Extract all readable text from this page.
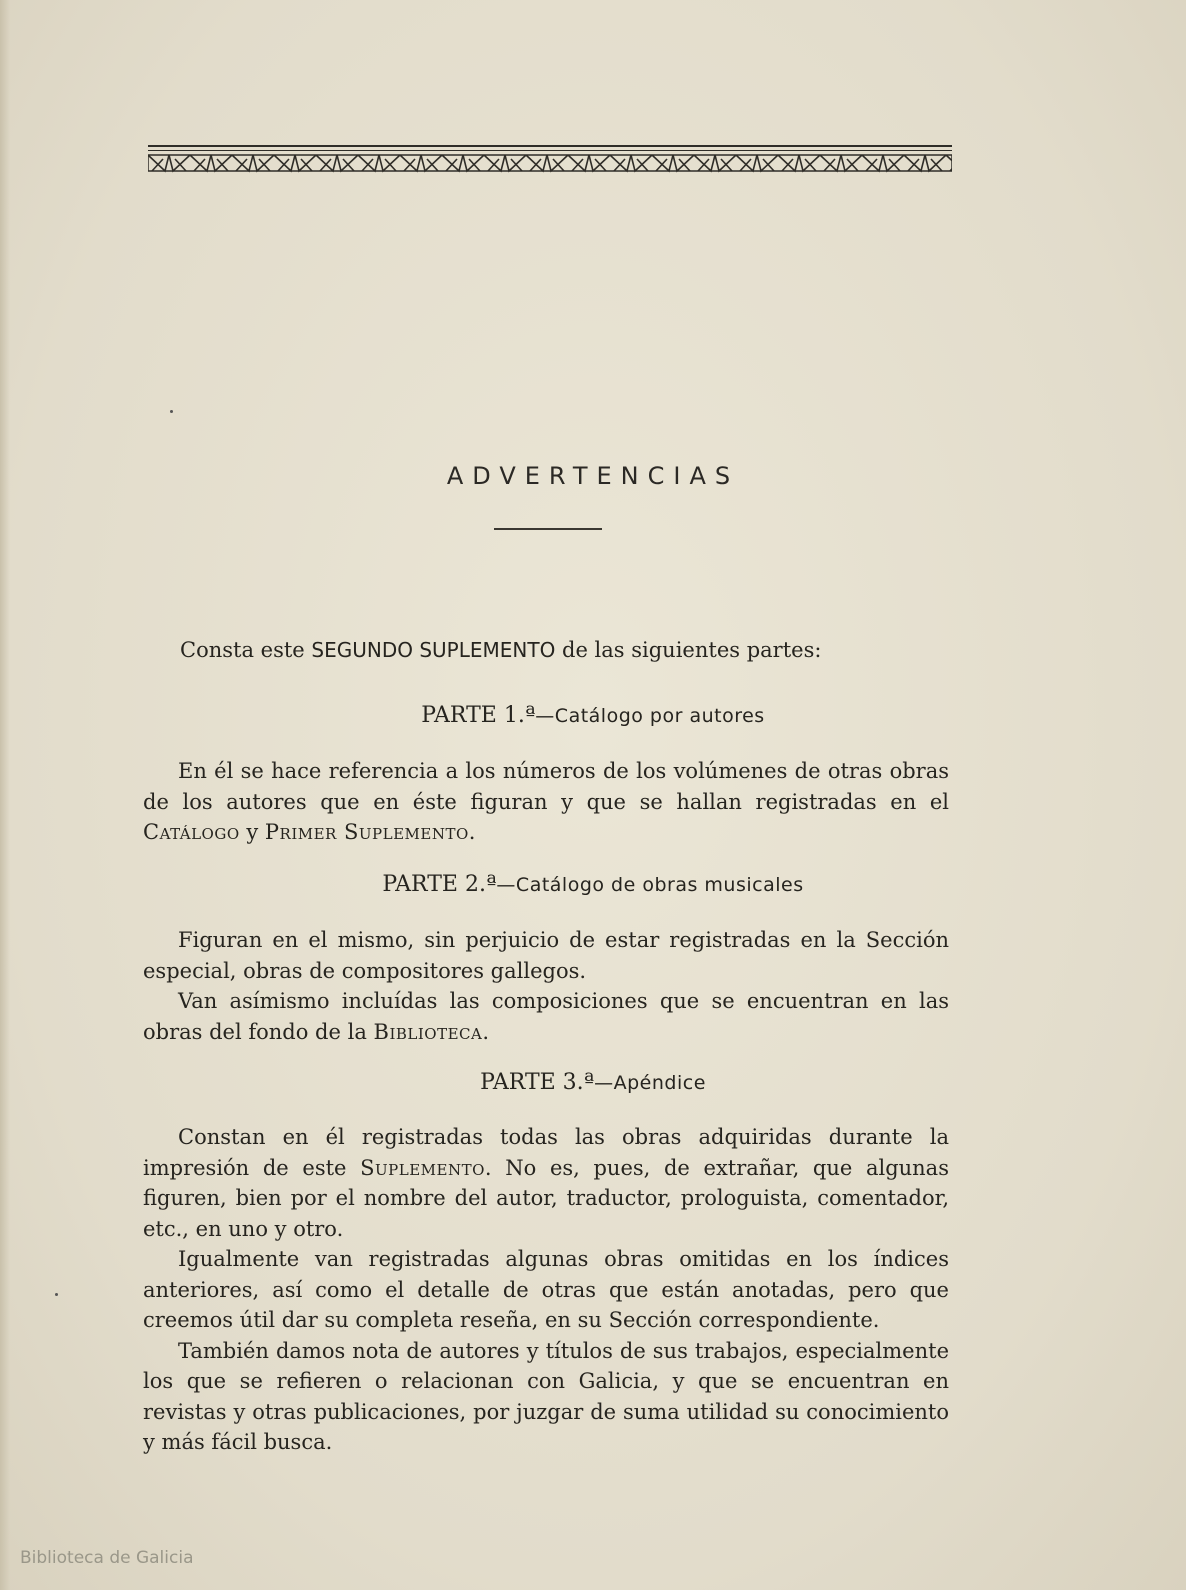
ADVERTENCIAS
Consta este SEGUNDO SUPLEMENTO de las siguientes partes:
PARTE 1.ª—Catálogo por autores

En él se hace referencia a los números de los volúmenes de otras obras de los autores que en éste figuran y que se hallan registradas en el Catálogo y Primer Suplemento.

PARTE 2.ª—Catálogo de obras musicales

Figuran en el mismo, sin perjuicio de estar registradas en la Sección especial, obras de compositores gallegos.

Van asímismo incluídas las composiciones que se encuentran en las obras del fondo de la Biblioteca.

PARTE 3.ª—Apéndice

Constan en él registradas todas las obras adquiridas durante la impresión de este Suplemento. No es, pues, de extrañar, que algunas figuren, bien por el nombre del autor, traductor, prologuista, comentador, etc., en uno y otro.

Igualmente van registradas algunas obras omitidas en los índices anteriores, así como el detalle de otras que están anotadas, pero que creemos útil dar su completa reseña, en su Sección correspondiente.

También damos nota de autores y títulos de sus trabajos, especialmente los que se refieren o relacionan con Galicia, y que se encuentran en revistas y otras publicaciones, por juzgar de suma utilidad su conocimiento y más fácil busca.

Biblioteca de Galicia
